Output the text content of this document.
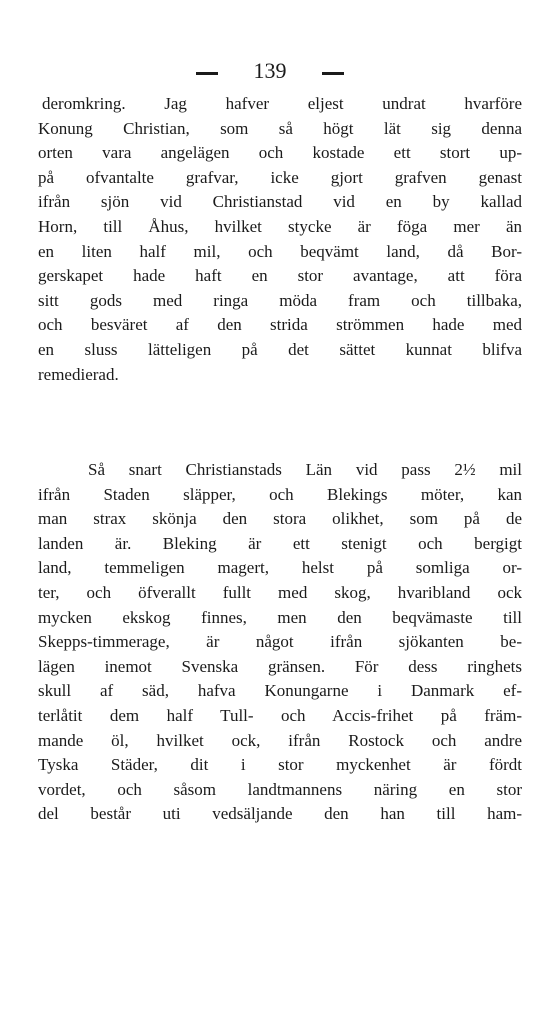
139
deromkring. Jag hafver eljest undrat hvarföre
Konung Christian, som så högt lät sig denna
orten vara angelägen och kostade ett stort up-
på ofvantalte grafvar, icke gjort grafven genast
ifrån sjön vid Christianstad vid en by kallad
Horn, till Åhus, hvilket stycke är föga mer än
en liten half mil, och beqvämt land, då Bor-
gerskapet hade haft en stor avantage, att föra
sitt gods med ringa möda fram och tillbaka,
och besväret af den strida strömmen hade med
en sluss lätteligen på det sättet kunnat blifva
remedierad.
Så snart Christianstads Län vid pass 2½ mil
ifrån Staden släpper, och Blekings möter, kan
man strax skönja den stora olikhet, som på de
landen är. Bleking är ett stenigt och bergigt
land, temmeligen magert, helst på somliga or-
ter, och öfverallt fullt med skog, hvaribland ock
mycken ekskog finnes, men den beqvämaste till
Skepps-timmerage, är något ifrån sjökanten be-
lägen inemot Svenska gränsen. För dess ringhets
skull af säd, hafva Konungarne i Danmark ef-
terlåtit dem half Tull- och Accis-frihet på främ-
mande öl, hvilket ock, ifrån Rostock och andre
Tyska Städer, dit i stor myckenhet är fördt
vordet, och såsom landtmannens näring en stor
del består uti vedsäljande den han till ham-
